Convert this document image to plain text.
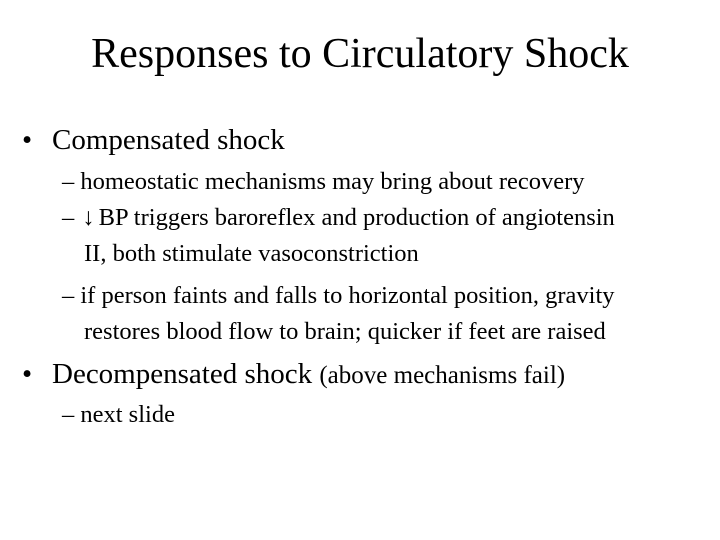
Responses to Circulatory Shock
• Compensated shock
– homeostatic mechanisms may bring about recovery
– ↓ BP triggers baroreflex and production of angiotensin
II, both stimulate vasoconstriction
– if person faints and falls to horizontal position, gravity
restores blood flow to brain; quicker if feet are raised
• Decompensated shock (above mechanisms fail)
– next slide
